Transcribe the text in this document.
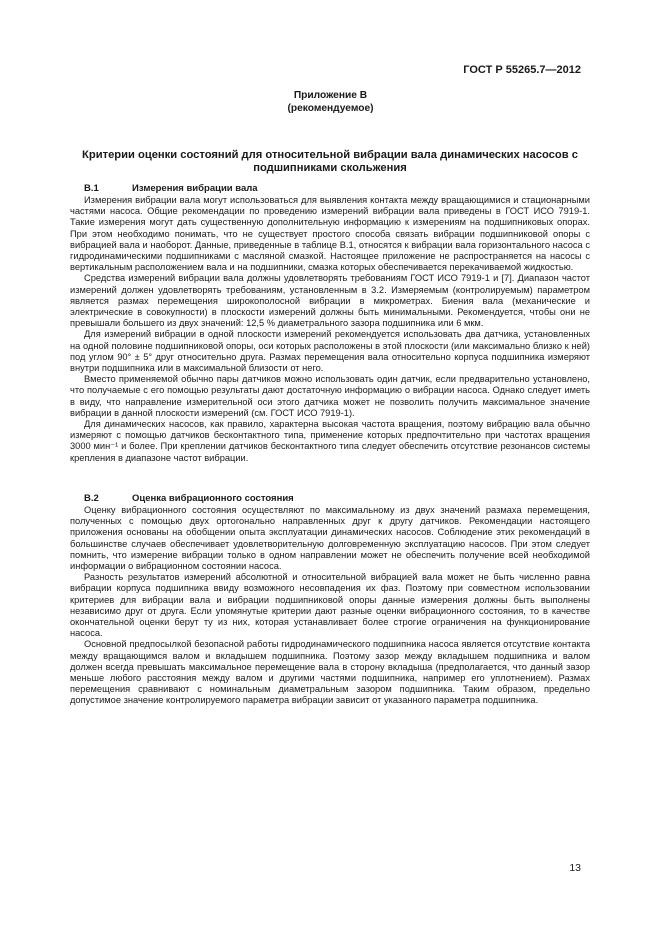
ГОСТ Р 55265.7—2012
Приложение В
(рекомендуемое)
Критерии оценки состояний для относительной вибрации вала динамических насосов с подшипниками скольжения
В.1	Измерения вибрации вала

Измерения вибрации вала могут использоваться для выявления контакта между вращающимися и стационарными частями насоса. Общие рекомендации по проведению измерений вибрации вала приведены в ГОСТ ИСО 7919-1. Такие измерения могут дать существенную дополнительную информацию к измерениям на подшипниковых опорах. При этом необходимо понимать, что не существует простого способа связать вибрации подшипниковой опоры с вибрацией вала и наоборот. Данные, приведенные в таблице В.1, относятся к вибрации вала горизонтального насоса с гидродинамическими подшипниками с масляной смазкой. Настоящее приложение не распространяется на насосы с вертикальным расположением вала и на подшипники, смазка которых обеспечивается перекачиваемой жидкостью.

Средства измерений вибрации вала должны удовлетворять требованиям ГОСТ ИСО 7919-1 и [7]. Диапазон частот измерений должен удовлетворять требованиям, установленным в 3.2. Измеряемым (контролируемым) параметром является размах перемещения широкополосной вибрации в микрометрах. Биения вала (механические и электрические в совокупности) в плоскости измерений должны быть минимальными. Рекомендуется, чтобы они не превышали большего из двух значений: 12,5 % диаметрального зазора подшипника или 6 мкм.

Для измерений вибрации в одной плоскости измерений рекомендуется использовать два датчика, установленных на одной половине подшипниковой опоры, оси которых расположены в этой плоскости (или максимально близко к ней) под углом 90° ± 5° друг относительно друга. Размах перемещения вала относительно корпуса подшипника измеряют внутри подшипника или в максимальной близости от него.

Вместо применяемой обычно пары датчиков можно использовать один датчик, если предварительно установлено, что получаемые с его помощью результаты дают достаточную информацию о вибрации насоса. Однако следует иметь в виду, что направление измерительной оси этого датчика может не позволить получить максимальное значение вибрации в данной плоскости измерений (см. ГОСТ ИСО 7919-1).

Для динамических насосов, как правило, характерна высокая частота вращения, поэтому вибрацию вала обычно измеряют с помощью датчиков бесконтактного типа, применение которых предпочтительно при частотах вращения 3000 мин⁻¹ и более. При креплении датчиков бесконтактного типа следует обеспечить отсутствие резонансов системы крепления в диапазоне частот вибрации.

В.2	Оценка вибрационного состояния

Оценку вибрационного состояния осуществляют по максимальному из двух значений размаха перемещения, полученных с помощью двух ортогонально направленных друг к другу датчиков. Рекомендации настоящего приложения основаны на обобщении опыта эксплуатации динамических насосов. Соблюдение этих рекомендаций в большинстве случаев обеспечивает удовлетворительную долговременную эксплуатацию насосов. При этом следует помнить, что измерение вибрации только в одном направлении может не обеспечить получение всей необходимой информации о вибрационном состоянии насоса.

Разность результатов измерений абсолютной и относительной вибрацией вала может не быть численно равна вибрации корпуса подшипника ввиду возможного несовпадения их фаз. Поэтому при совместном использовании критериев для вибрации вала и вибрации подшипниковой опоры данные измерения должны быть выполнены независимо друг от друга. Если упомянутые критерии дают разные оценки вибрационного состояния, то в качестве окончательной оценки берут ту из них, которая устанавливает более строгие ограничения на функционирование насоса.

Основной предпосылкой безопасной работы гидродинамического подшипника насоса является отсутствие контакта между вращающимся валом и вкладышем подшипника. Поэтому зазор между вкладышем подшипника и валом должен всегда превышать максимальное перемещение вала в сторону вкладыша (предполагается, что данный зазор меньше любого расстояния между валом и другими частями подшипника, например его уплотнением). Размах перемещения сравнивают с номинальным диаметральным зазором подшипника. Таким образом, предельно допустимое значение контролируемого параметра вибрации зависит от указанного параметра подшипника.

13
